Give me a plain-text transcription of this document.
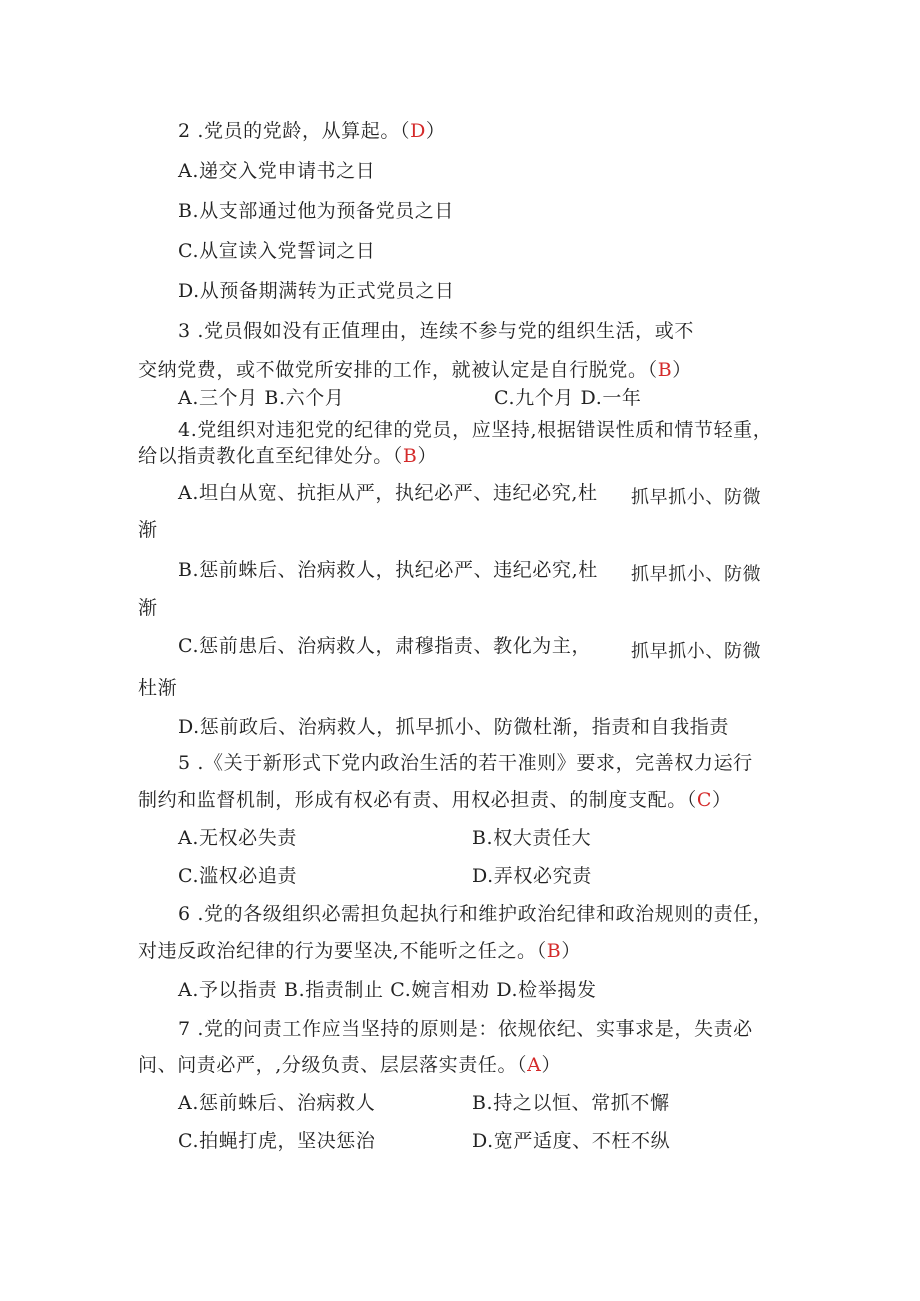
2 .党员的党龄，从算起。（D）
A.递交入党申请书之日
B.从支部通过他为预备党员之日
C.从宣读入党誓词之日
D.从预备期满转为正式党员之日
3 .党员假如没有正值理由，连续不参与党的组织生活，或不
交纳党费，或不做党所安排的工作，就被认定是自行脱党。（B）
A.三个月 B.六个月	C.九个月 D.一年
4.党组织对违犯党的纪律的党员，应坚持,根据错误性质和情节轻重，
给以指责教化直至纪律处分。（B）
A.坦白从宽、抗拒从严，执纪必严、违纪必究,杜 抓早抓小、防微
渐
B.惩前蛛后、治病救人，执纪必严、违纪必究,杜 抓早抓小、防微
渐
C.惩前患后、治病救人，肃穆指责、教化为主， 抓早抓小、防微
杜渐
D.惩前政后、治病救人，抓早抓小、防微杜渐，指责和自我指责
5 .《关于新形式下党内政治生活的若干准则》要求，完善权力运行
制约和监督机制，形成有权必有责、用权必担责、的制度支配。（C）
A.无权必失责	B.权大责任大
C.滥权必追责	D.弄权必究责
6 .党的各级组织必需担负起执行和维护政治纪律和政治规则的责任，
对违反政治纪律的行为要坚决,不能听之任之。（B）
A.予以指责 B.指责制止 C.婉言相劝 D.检举揭发
7 .党的问责工作应当坚持的原则是：依规依纪、实事求是，失责必
问、问责必严，,分级负责、层层落实责任。（A）
A.惩前蛛后、治病救人	B.持之以恒、常抓不懈
C.拍蝇打虎，坚决惩治	D.宽严适度、不枉不纵
